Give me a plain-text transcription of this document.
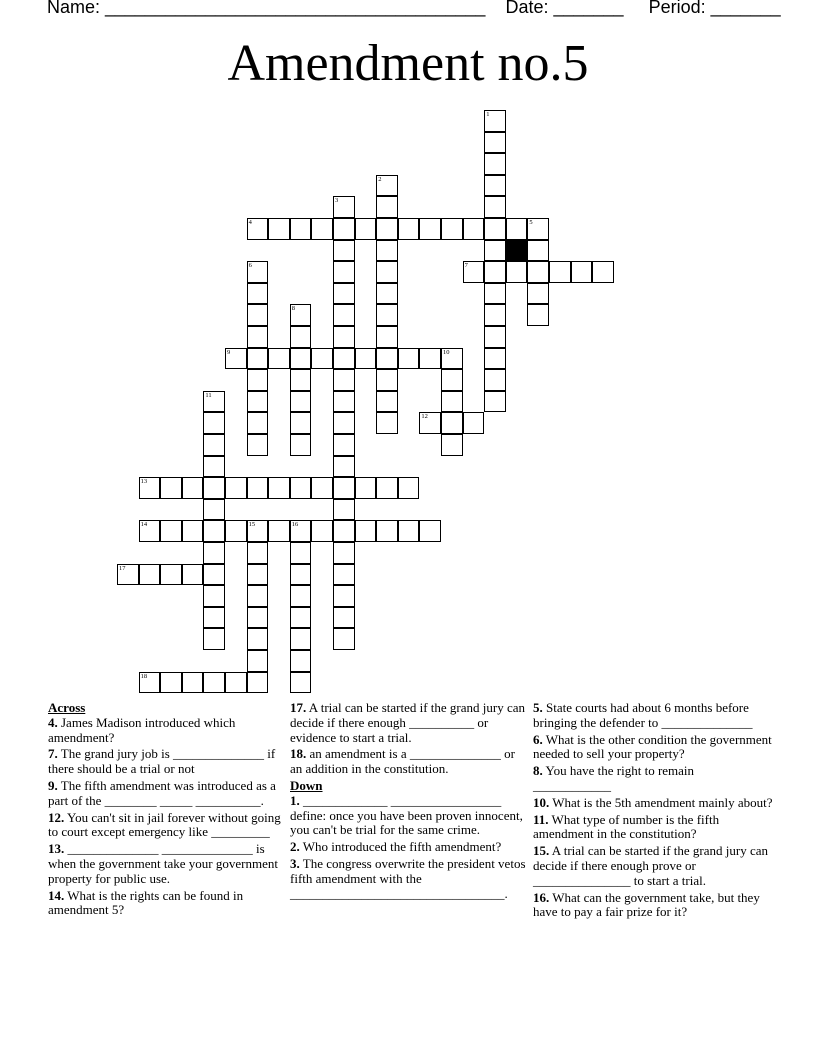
Name: ______________________________________ Date: _______ Period: _______
Amendment no.5
1
2
3
4	5
6	7
8
9	10
11
12
13
14	15	16
17
18
Across
4. James Madison introduced which amendment?
7. The grand jury job is ______________ if there should be a trial or not
9. The fifth amendment was introduced as a part of the ________ _____ __________.
12. You can't sit in jail forever without going to court except emergency like _________
13. ______________ ______________ is when the government take your government property for public use.
14. What is the rights can be found in amendment 5?
17. A trial can be started if the grand jury can decide if there enough __________ or evidence to start a trial.
18. an amendment is a ______________ or an addition in the constitution.
Down
1. _____________ _________________ define: once you have been proven innocent, you can't be trial for the same crime.
2. Who introduced the fifth amendment?
3. The congress overwrite the president vetos fifth amendment with the _________________________________.
5. State courts had about 6 months before bringing the defender to ______________
6. What is the other condition the government needed to sell your property?
8. You have the right to remain ____________
10. What is the 5th amendment mainly about?
11. What type of number is the fifth amendment in the constitution?
15. A trial can be started if the grand jury can decide if there enough prove or _______________ to start a trial.
16. What can the government take, but they have to pay a fair prize for it?
